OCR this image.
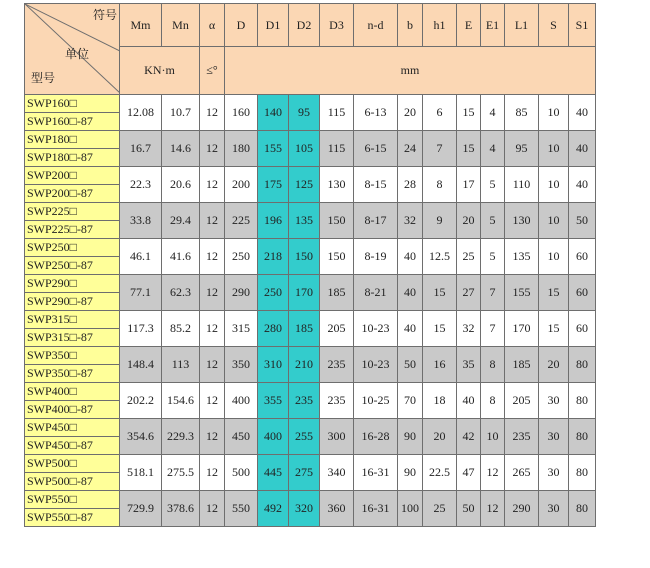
符号
单位
型号	Mm	Mn	α	D	D1	D2	D3	n-d	b	h1	E	E1	L1	S	S1
	KN·m		≤°	mm											
SWP160□	12.08	10.7	12	160	140	95	115	6-13	20	6	15	4	85	10	40
SWP160□-87															
SWP180□	16.7	14.6	12	180	155	105	115	6-15	24	7	15	4	95	10	40
SWP180□-87															
SWP200□	22.3	20.6	12	200	175	125	130	8-15	28	8	17	5	110	10	40
SWP200□-87															
SWP225□	33.8	29.4	12	225	196	135	150	8-17	32	9	20	5	130	10	50
SWP225□-87															
SWP250□	46.1	41.6	12	250	218	150	150	8-19	40	12.5	25	5	135	10	60
SWP250□-87															
SWP290□	77.1	62.3	12	290	250	170	185	8-21	40	15	27	7	155	15	60
SWP290□-87															
SWP315□	117.3	85.2	12	315	280	185	205	10-23	40	15	32	7	170	15	60
SWP315□-87															
SWP350□	148.4	113	12	350	310	210	235	10-23	50	16	35	8	185	20	80
SWP350□-87															
SWP400□	202.2	154.6	12	400	355	235	235	10-25	70	18	40	8	205	30	80
SWP400□-87															
SWP450□	354.6	229.3	12	450	400	255	300	16-28	90	20	42	10	235	30	80
SWP450□-87															
SWP500□	518.1	275.5	12	500	445	275	340	16-31	90	22.5	47	12	265	30	80
SWP500□-87															
SWP550□	729.9	378.6	12	550	492	320	360	16-31	100	25	50	12	290	30	80
SWP550□-87															
